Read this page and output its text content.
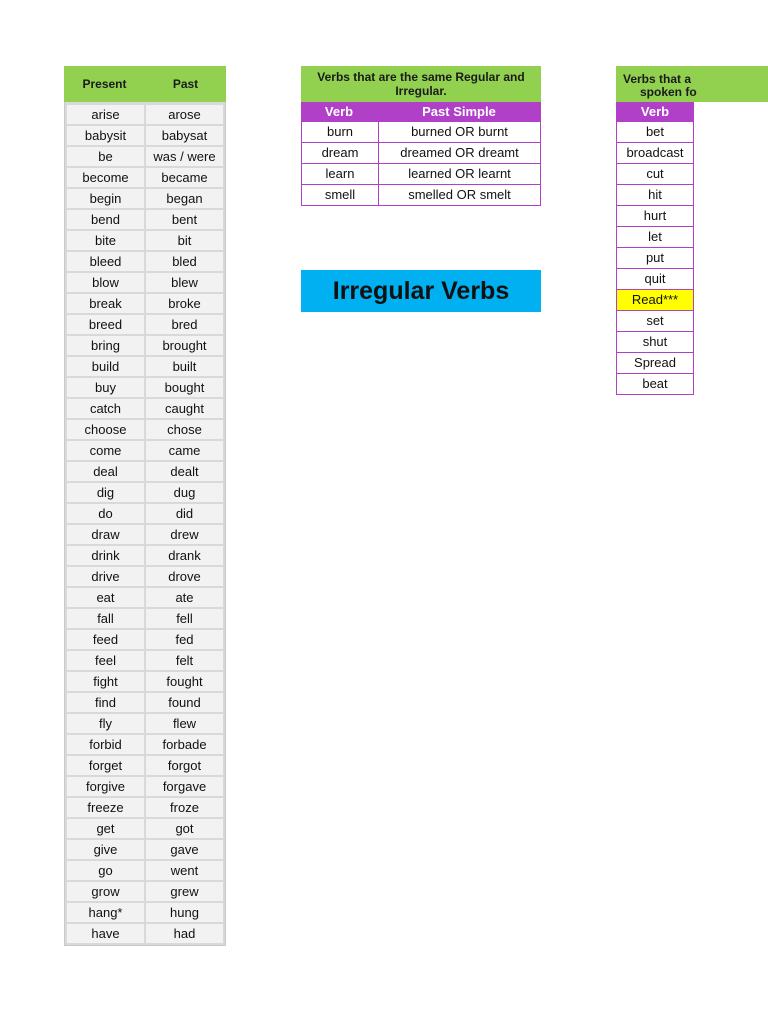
Present	Past
arise	arose
babysit	babysat
be	was / were
become	became
begin	began
bend	bent
bite	bit
bleed	bled
blow	blew
break	broke
breed	bred
bring	brought
build	built
buy	bought
catch	caught
choose	chose
come	came
deal	dealt
dig	dug
do	did
draw	drew
drink	drank
drive	drove
eat	ate
fall	fell
feed	fed
feel	felt
fight	fought
find	found
fly	flew
forbid	forbade
forget	forgot
forgive	forgave
freeze	froze
get	got
give	gave
go	went
grow	grew
hang*	hung
have	had
Verbs that are the same Regular and Irregular.
Verb	Past Simple
burn	burned OR burnt
dream	dreamed OR dreamt
learn	learned OR learnt
smell	smelled OR smelt
Irregular Verbs
Verbs that a
spoken fo
Verb
bet
broadcast
cut
hit
hurt
let
put
quit
Read***
set
shut
Spread
beat
